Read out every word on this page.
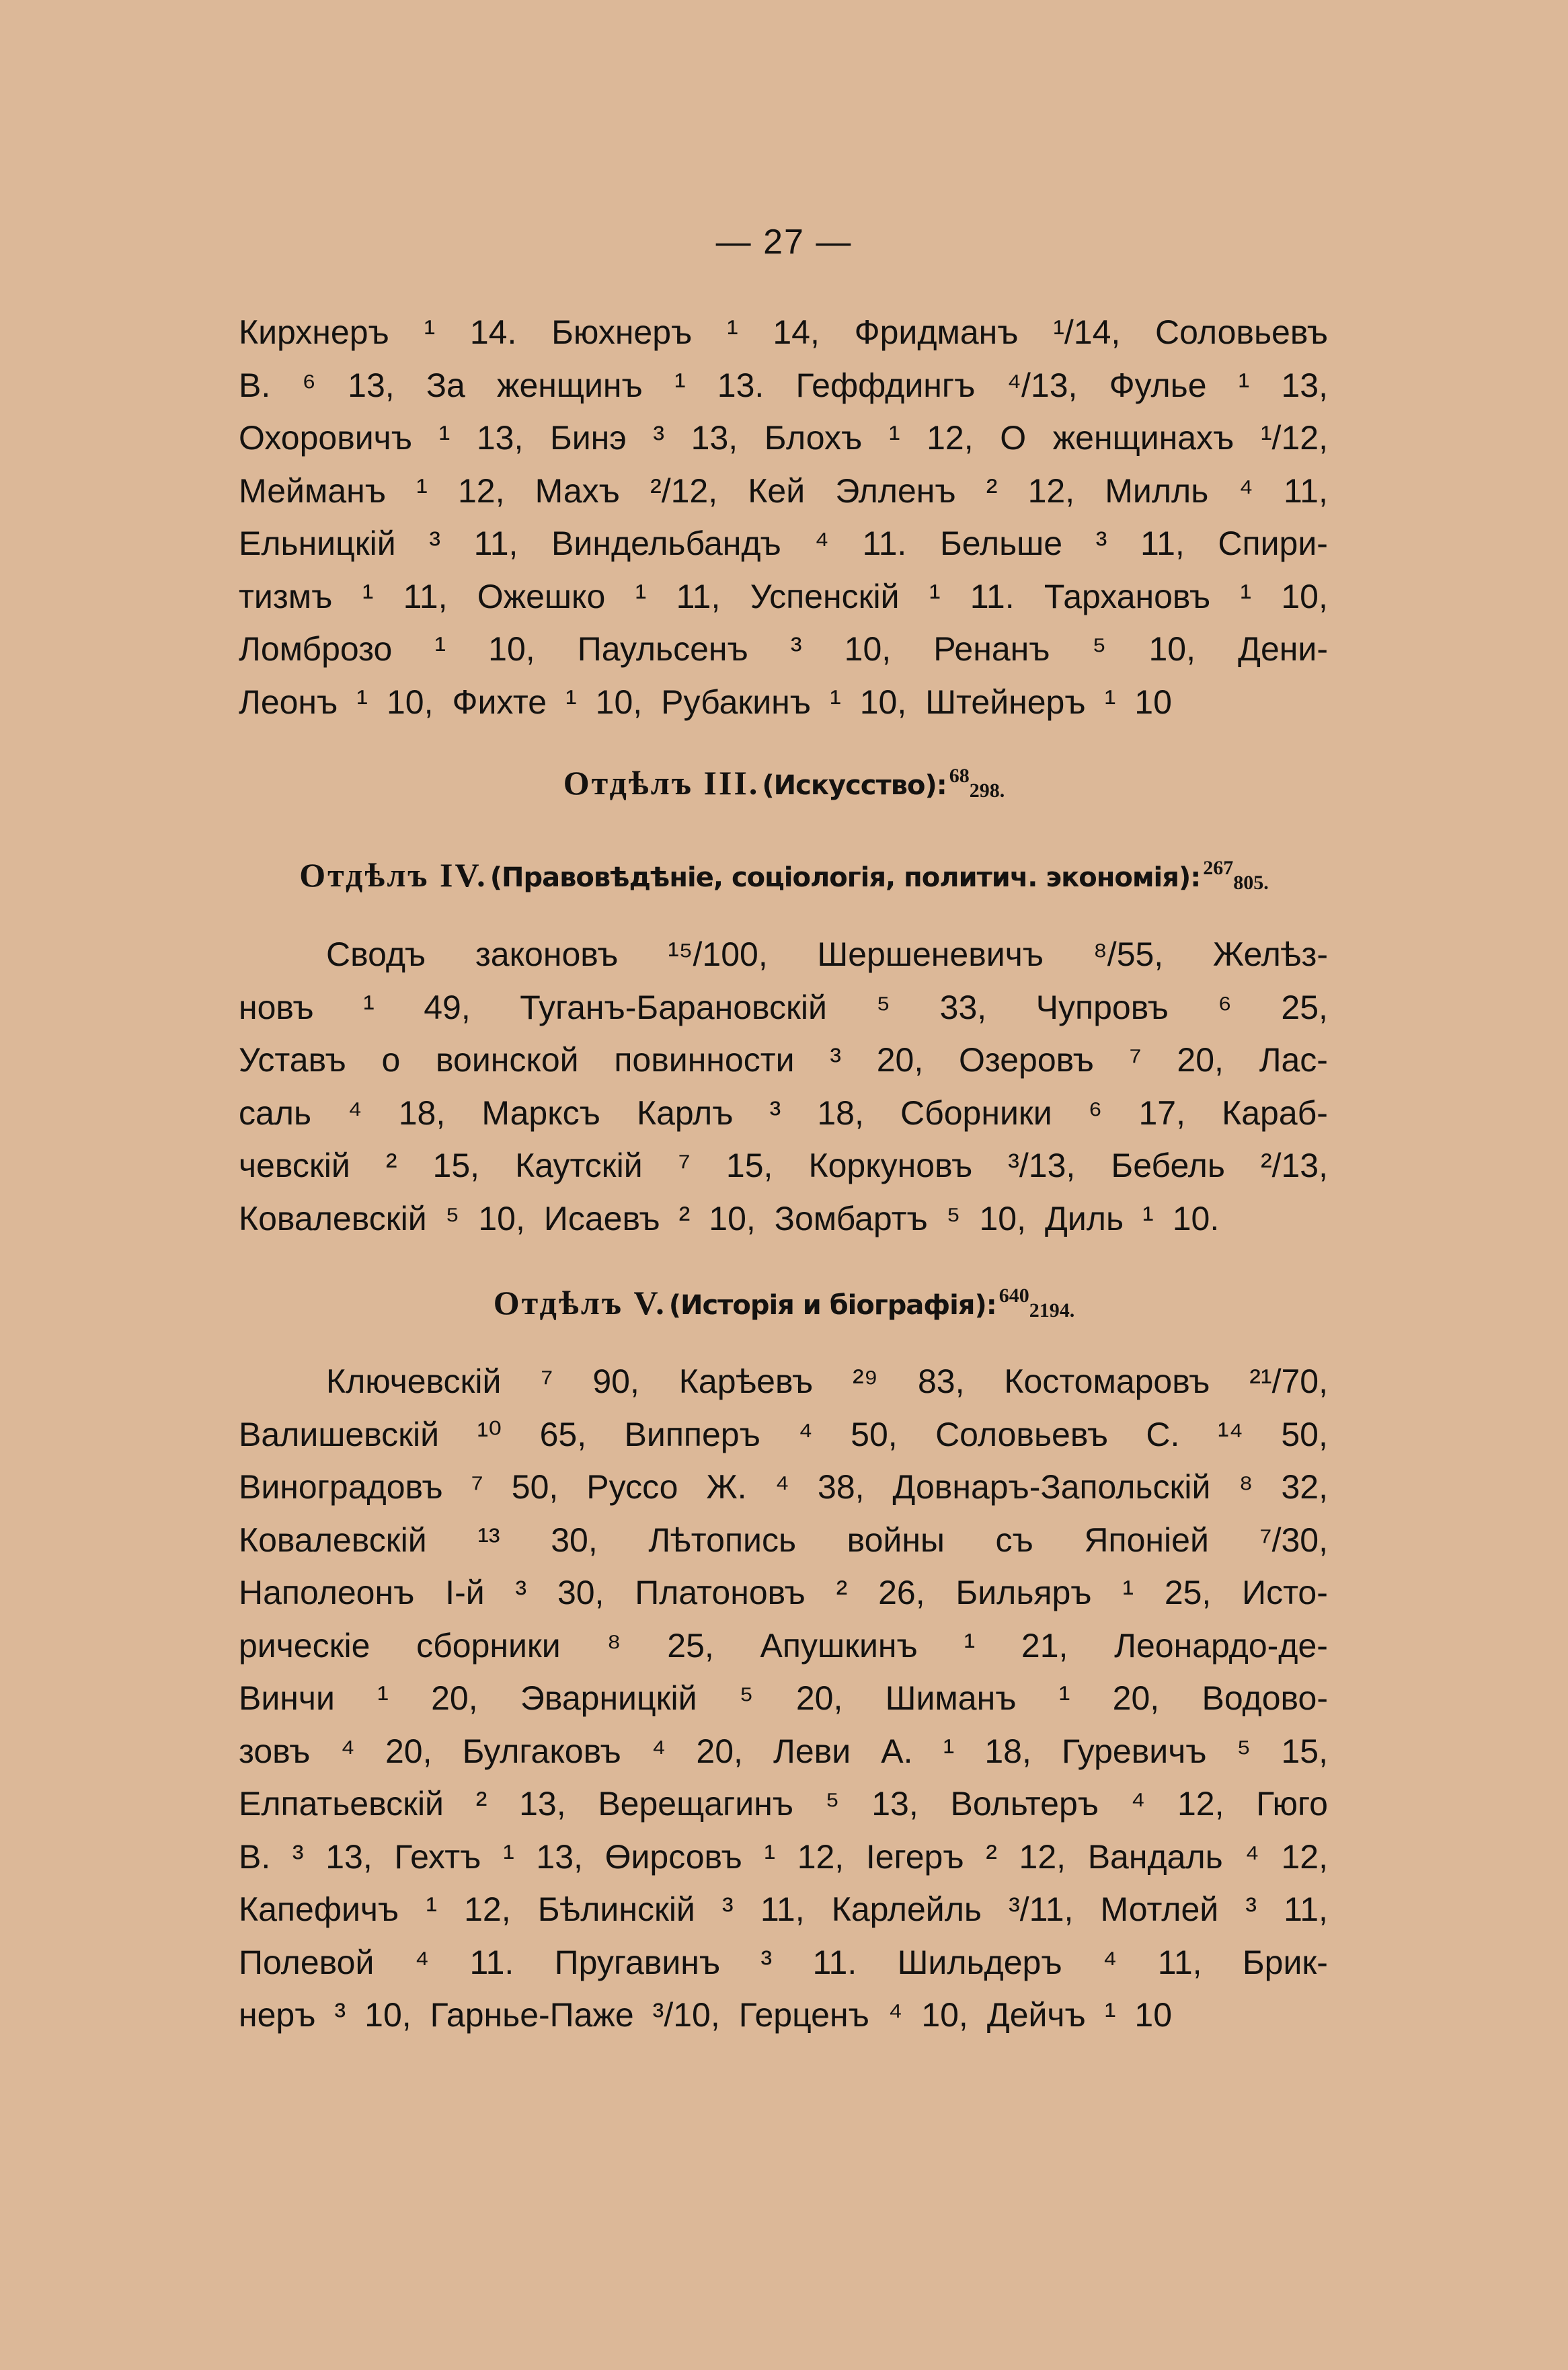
— 27 —
Кирхнеръ ¹ 14. Бюхнеръ ¹ 14, Фридманъ ¹/14, Соловьевъ
В. ⁶ 13, За женщинъ ¹ 13. Геффдингъ ⁴/13, Фулье ¹ 13,
Охоровичъ ¹ 13, Бинэ ³ 13, Блохъ ¹ 12, О женщинахъ ¹/12,
Мейманъ ¹ 12, Махъ ²/12, Кей Элленъ ² 12, Милль ⁴ 11,
Ельницкій ³ 11, Виндельбандъ ⁴ 11. Бельше ³ 11, Спири-
тизмъ ¹ 11, Ожешко ¹ 11, Успенскій ¹ 11. Тархановъ ¹ 10,
Ломброзо ¹ 10, Паульсенъ ³ 10, Ренанъ ⁵ 10, Дени-
Леонъ ¹ 10, Фихте ¹ 10, Рубакинъ ¹ 10, Штейнеръ ¹ 10
Отдѣлъ III. (Искусство): 68298.
Отдѣлъ IV. (Правовѣдѣніе, соціологія, политич. экономія): 267805.
Сводъ законовъ ¹⁵/100, Шершеневичъ ⁸/55, Желѣз-
новъ ¹ 49, Туганъ-Барановскій ⁵ 33, Чупровъ ⁶ 25,
Уставъ о воинской повинности ³ 20, Озеровъ ⁷ 20, Лас-
саль ⁴ 18, Марксъ Карлъ ³ 18, Сборники ⁶ 17, Караб-
чевскій ² 15, Каутскій ⁷ 15, Коркуновъ ³/13, Бебель ²/13,
Ковалевскій ⁵ 10, Исаевъ ² 10, Зомбартъ ⁵ 10, Диль ¹ 10.
Отдѣлъ V. (Исторія и біографія): 6402194.
Ключевскій ⁷ 90, Карѣевъ ²⁹ 83, Костомаровъ ²¹/70,
Валишевскій ¹⁰ 65, Випперъ ⁴ 50, Соловьевъ С. ¹⁴ 50,
Виноградовъ ⁷ 50, Руссо Ж. ⁴ 38, Довнаръ-Запольскій ⁸ 32,
Ковалевскій ¹³ 30, Лѣтопись войны съ Японіей ⁷/30,
Наполеонъ I-й ³ 30, Платоновъ ² 26, Бильяръ ¹ 25, Исто-
рическіе сборники ⁸ 25, Апушкинъ ¹ 21, Леонардо-де-
Винчи ¹ 20, Эварницкій ⁵ 20, Шиманъ ¹ 20, Водово-
зовъ ⁴ 20, Булгаковъ ⁴ 20, Леви А. ¹ 18, Гуревичъ ⁵ 15,
Елпатьевскій ² 13, Верещагинъ ⁵ 13, Вольтеръ ⁴ 12, Гюго
В. ³ 13, Гехтъ ¹ 13, Өирсовъ ¹ 12, Iегеръ ² 12, Вандаль ⁴ 12,
Капефичъ ¹ 12, Бѣлинскій ³ 11, Карлейль ³/11, Мотлей ³ 11,
Полевой ⁴ 11. Пругавинъ ³ 11. Шильдеръ ⁴ 11, Брик-
неръ ³ 10, Гарнье-Паже ³/10, Герценъ ⁴ 10, Дейчъ ¹ 10
